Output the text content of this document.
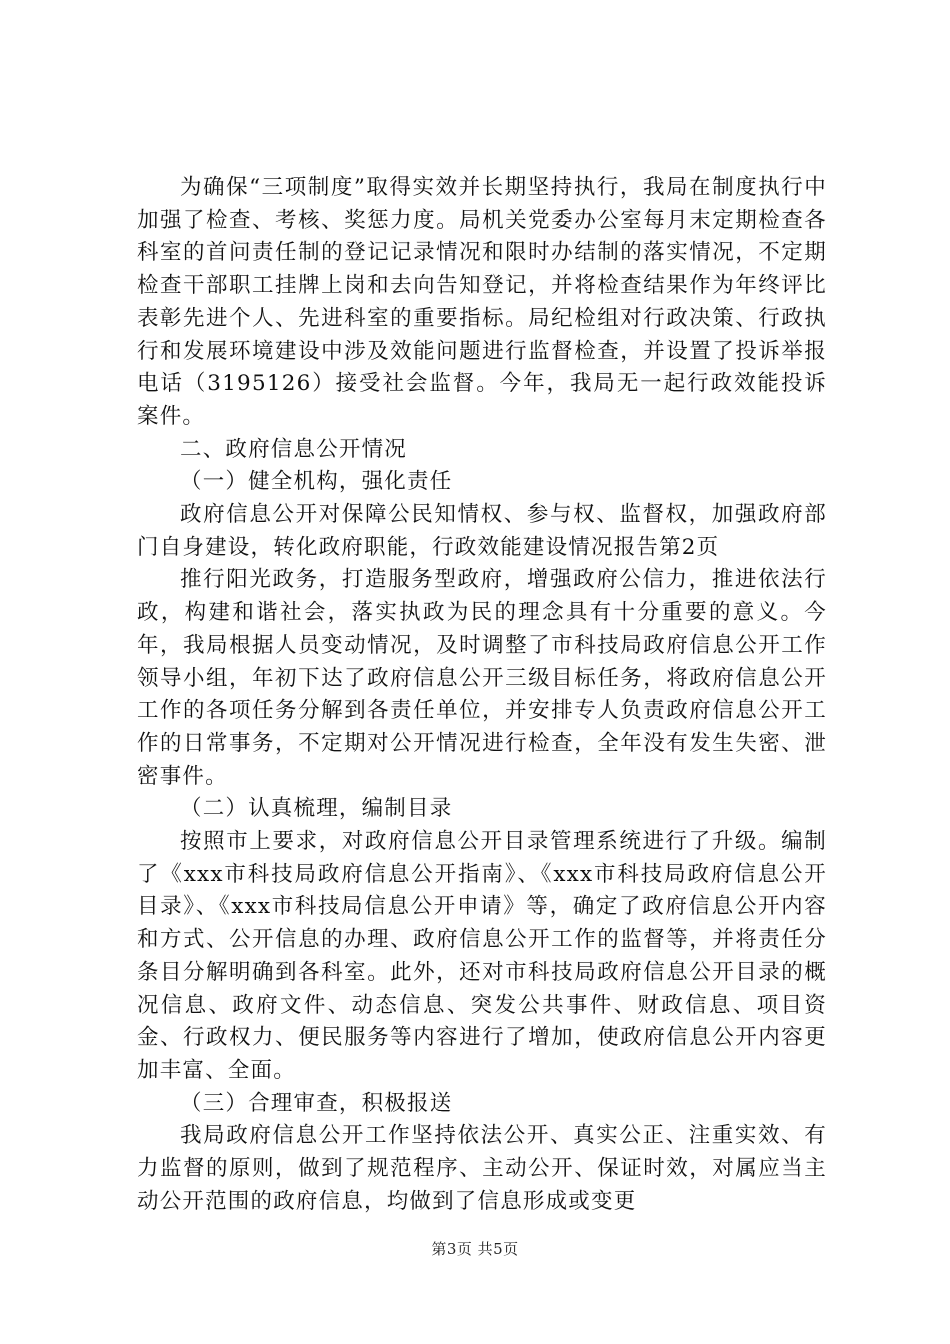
为确保“三项制度”取得实效并长期坚持执行，我局在制度执行中加强了检查、考核、奖惩力度。局机关党委办公室每月末定期检查各科室的首问责任制的登记记录情况和限时办结制的落实情况，不定期检查干部职工挂牌上岗和去向告知登记，并将检查结果作为年终评比表彰先进个人、先进科室的重要指标。局纪检组对行政决策、行政执行和发展环境建设中涉及效能问题进行监督检查，并设置了投诉举报电话（3195126）接受社会监督。今年，我局无一起行政效能投诉案件。

二、政府信息公开情况

（一）健全机构，强化责任

政府信息公开对保障公民知情权、参与权、监督权，加强政府部门自身建设，转化政府职能，行政效能建设情况报告第2页

推行阳光政务，打造服务型政府，增强政府公信力，推进依法行政，构建和谐社会，落实执政为民的理念具有十分重要的意义。今年，我局根据人员变动情况，及时调整了市科技局政府信息公开工作领导小组，年初下达了政府信息公开三级目标任务，将政府信息公开工作的各项任务分解到各责任单位，并安排专人负责政府信息公开工作的日常事务，不定期对公开情况进行检查，全年没有发生失密、泄密事件。

（二）认真梳理，编制目录

按照市上要求，对政府信息公开目录管理系统进行了升级。编制了《xxx市科技局政府信息公开指南》、《xxx市科技局政府信息公开目录》、《xxx市科技局信息公开申请》等，确定了政府信息公开内容和方式、公开信息的办理、政府信息公开工作的监督等，并将责任分条目分解明确到各科室。此外，还对市科技局政府信息公开目录的概况信息、政府文件、动态信息、突发公共事件、财政信息、项目资金、行政权力、便民服务等内容进行了增加，使政府信息公开内容更加丰富、全面。

（三）合理审查，积极报送

我局政府信息公开工作坚持依法公开、真实公正、注重实效、有力监督的原则，做到了规范程序、主动公开、保证时效，对属应当主动公开范围的政府信息，均做到了信息形成或变更

第3页 共5页
